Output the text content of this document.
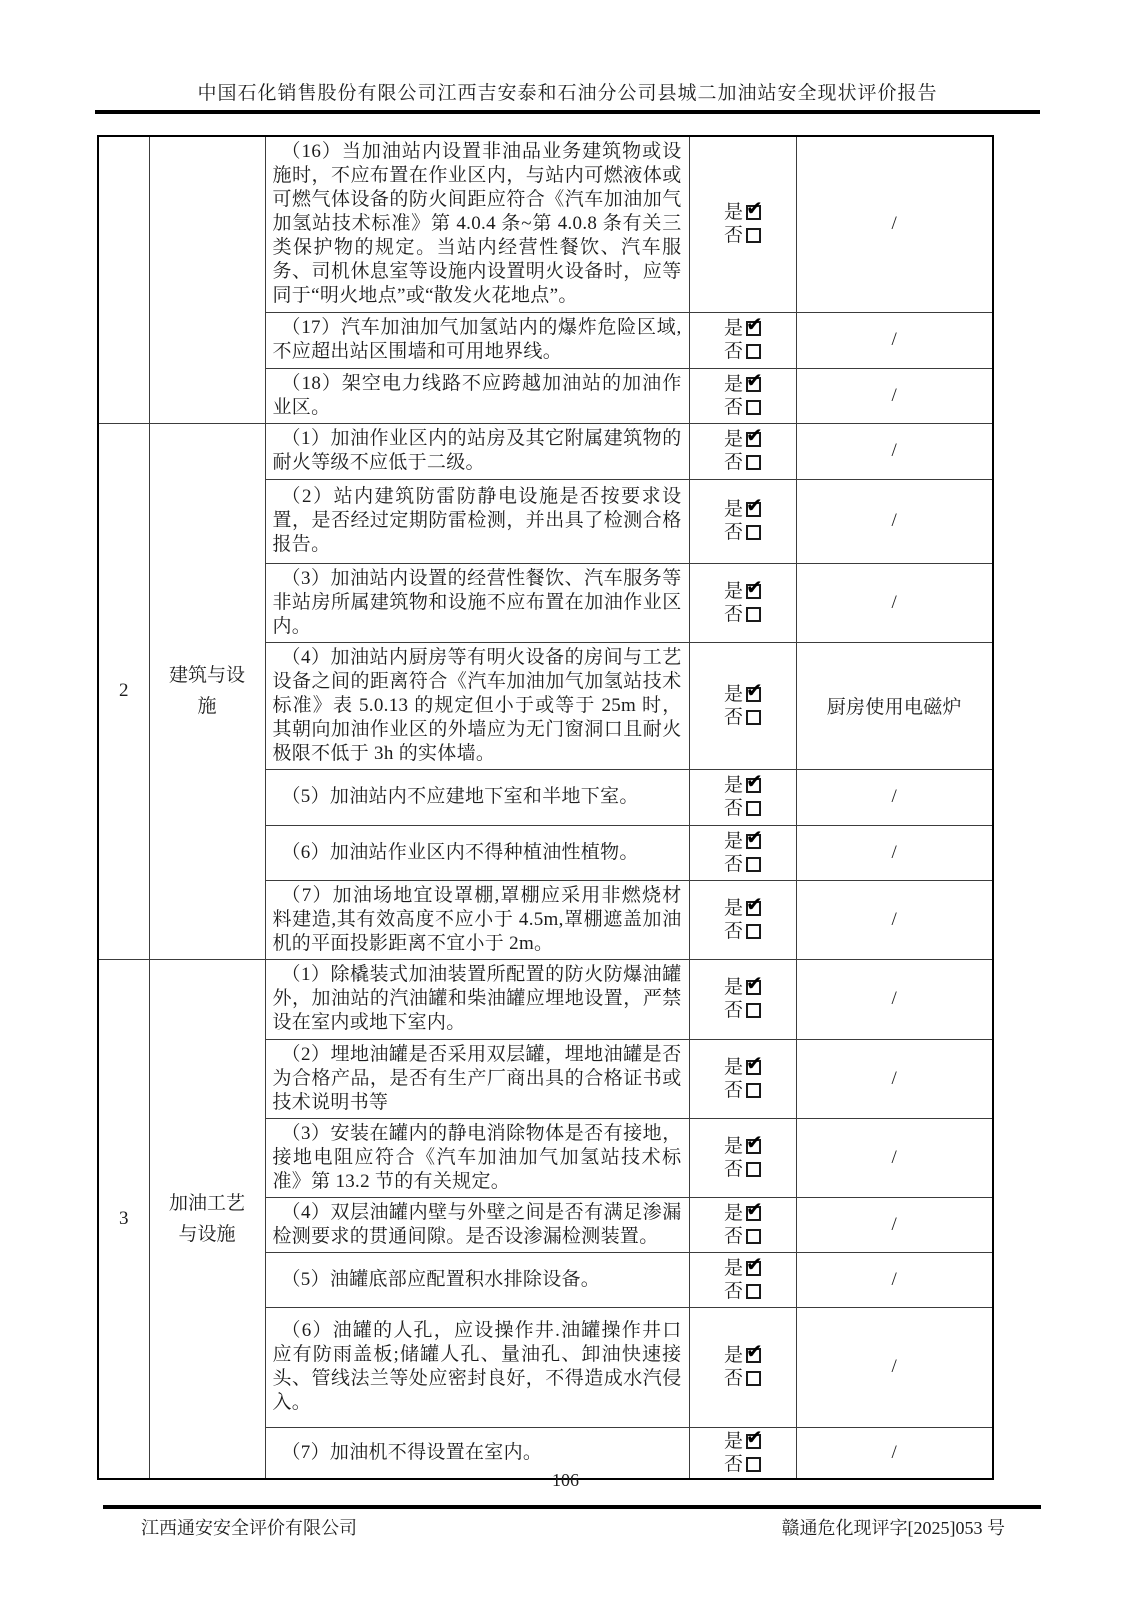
中国石化销售股份有限公司江西吉安泰和石油分公司县城二加油站安全现状评价报告
		（16）当加油站内设置非油品业务建筑物或设施时，不应布置在作业区内，与站内可燃液体或可燃气体设备的防火间距应符合《汽车加油加气加氢站技术标准》第 4.0.4 条~第 4.0.8 条有关三类保护物的规定。当站内经营性餐饮、汽车服务、司机休息室等设施内设置明火设备时，应等同于“明火地点”或“散发火花地点”。	是
✔
否	/
		（17）汽车加油加气加氢站内的爆炸危险区域,不应超出站区围墙和可用地界线。	是
✔
否	/
		（18）架空电力线路不应跨越加油站的加油作业区。	是
✔
否	/
2	建筑与设施	（1）加油作业区内的站房及其它附属建筑物的耐火等级不应低于二级。	是
✔
否	/
		（2）站内建筑防雷防静电设施是否按要求设置，是否经过定期防雷检测，并出具了检测合格报告。	是
✔
否	/
		（3）加油站内设置的经营性餐饮、汽车服务等非站房所属建筑物和设施不应布置在加油作业区内。	是
✔
否	/
		（4）加油站内厨房等有明火设备的房间与工艺设备之间的距离符合《汽车加油加气加氢站技术标准》表 5.0.13 的规定但小于或等于 25m 时，其朝向加油作业区的外墙应为无门窗洞口且耐火极限不低于 3h 的实体墙。	是
✔
否	厨房使用电磁炉
		（5）加油站内不应建地下室和半地下室。	是
✔
否	/
		（6）加油站作业区内不得种植油性植物。	是
✔
否	/
		（7）加油场地宜设罩棚,罩棚应采用非燃烧材料建造,其有效高度不应小于 4.5m,罩棚遮盖加油机的平面投影距离不宜小于 2m。	是
✔
否	/
3	加油工艺与设施	（1）除橇装式加油装置所配置的防火防爆油罐外，加油站的汽油罐和柴油罐应埋地设置，严禁设在室内或地下室内。	是
✔
否	/
		（2）埋地油罐是否采用双层罐，埋地油罐是否为合格产品，是否有生产厂商出具的合格证书或技术说明书等	是
✔
否	/
		（3）安装在罐内的静电消除物体是否有接地，接地电阻应符合《汽车加油加气加氢站技术标准》第 13.2 节的有关规定。	是
✔
否	/
		（4）双层油罐内壁与外壁之间是否有满足渗漏检测要求的贯通间隙。是否设渗漏检测装置。	是
✔
否	/
		（5）油罐底部应配置积水排除设备。	是
✔
否	/
		（6）油罐的人孔，应设操作井.油罐操作井口应有防雨盖板;储罐人孔、量油孔、卸油快速接头、管线法兰等处应密封良好，不得造成水汽侵入。	是
✔
否	/
		（7）加油机不得设置在室内。	是
✔
否	/
106
江西通安安全评价有限公司	赣通危化现评字[2025]053 号
